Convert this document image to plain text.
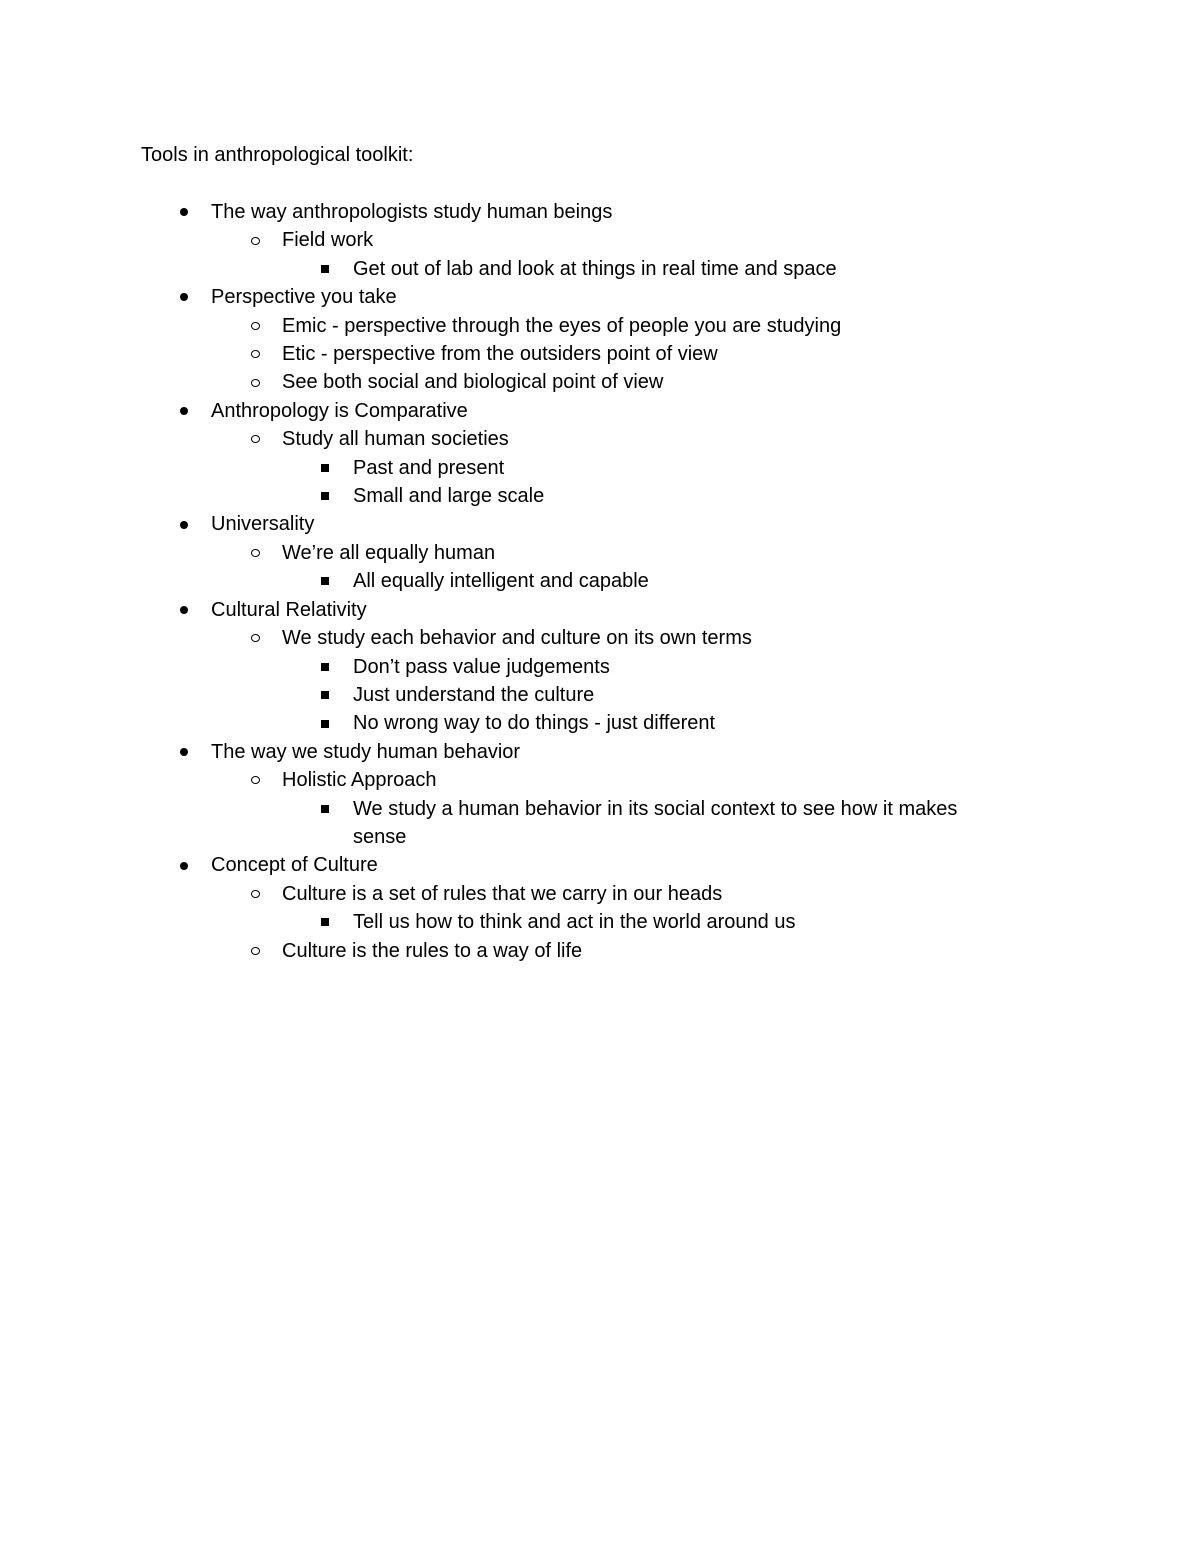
Tools in anthropological toolkit:
The way anthropologists study human beings
Field work
Get out of lab and look at things in real time and space
Perspective you take
Emic - perspective through the eyes of people you are studying
Etic - perspective from the outsiders point of view
See both social and biological point of view
Anthropology is Comparative
Study all human societies
Past and present
Small and large scale
Universality
We’re all equally human
All equally intelligent and capable
Cultural Relativity
We study each behavior and culture on its own terms
Don’t pass value judgements
Just understand the culture
No wrong way to do things - just different
The way we study human behavior
Holistic Approach
We study a human behavior in its social context to see how it makes sense
Concept of Culture
Culture is a set of rules that we carry in our heads
Tell us how to think and act in the world around us
Culture is the rules to a way of life
